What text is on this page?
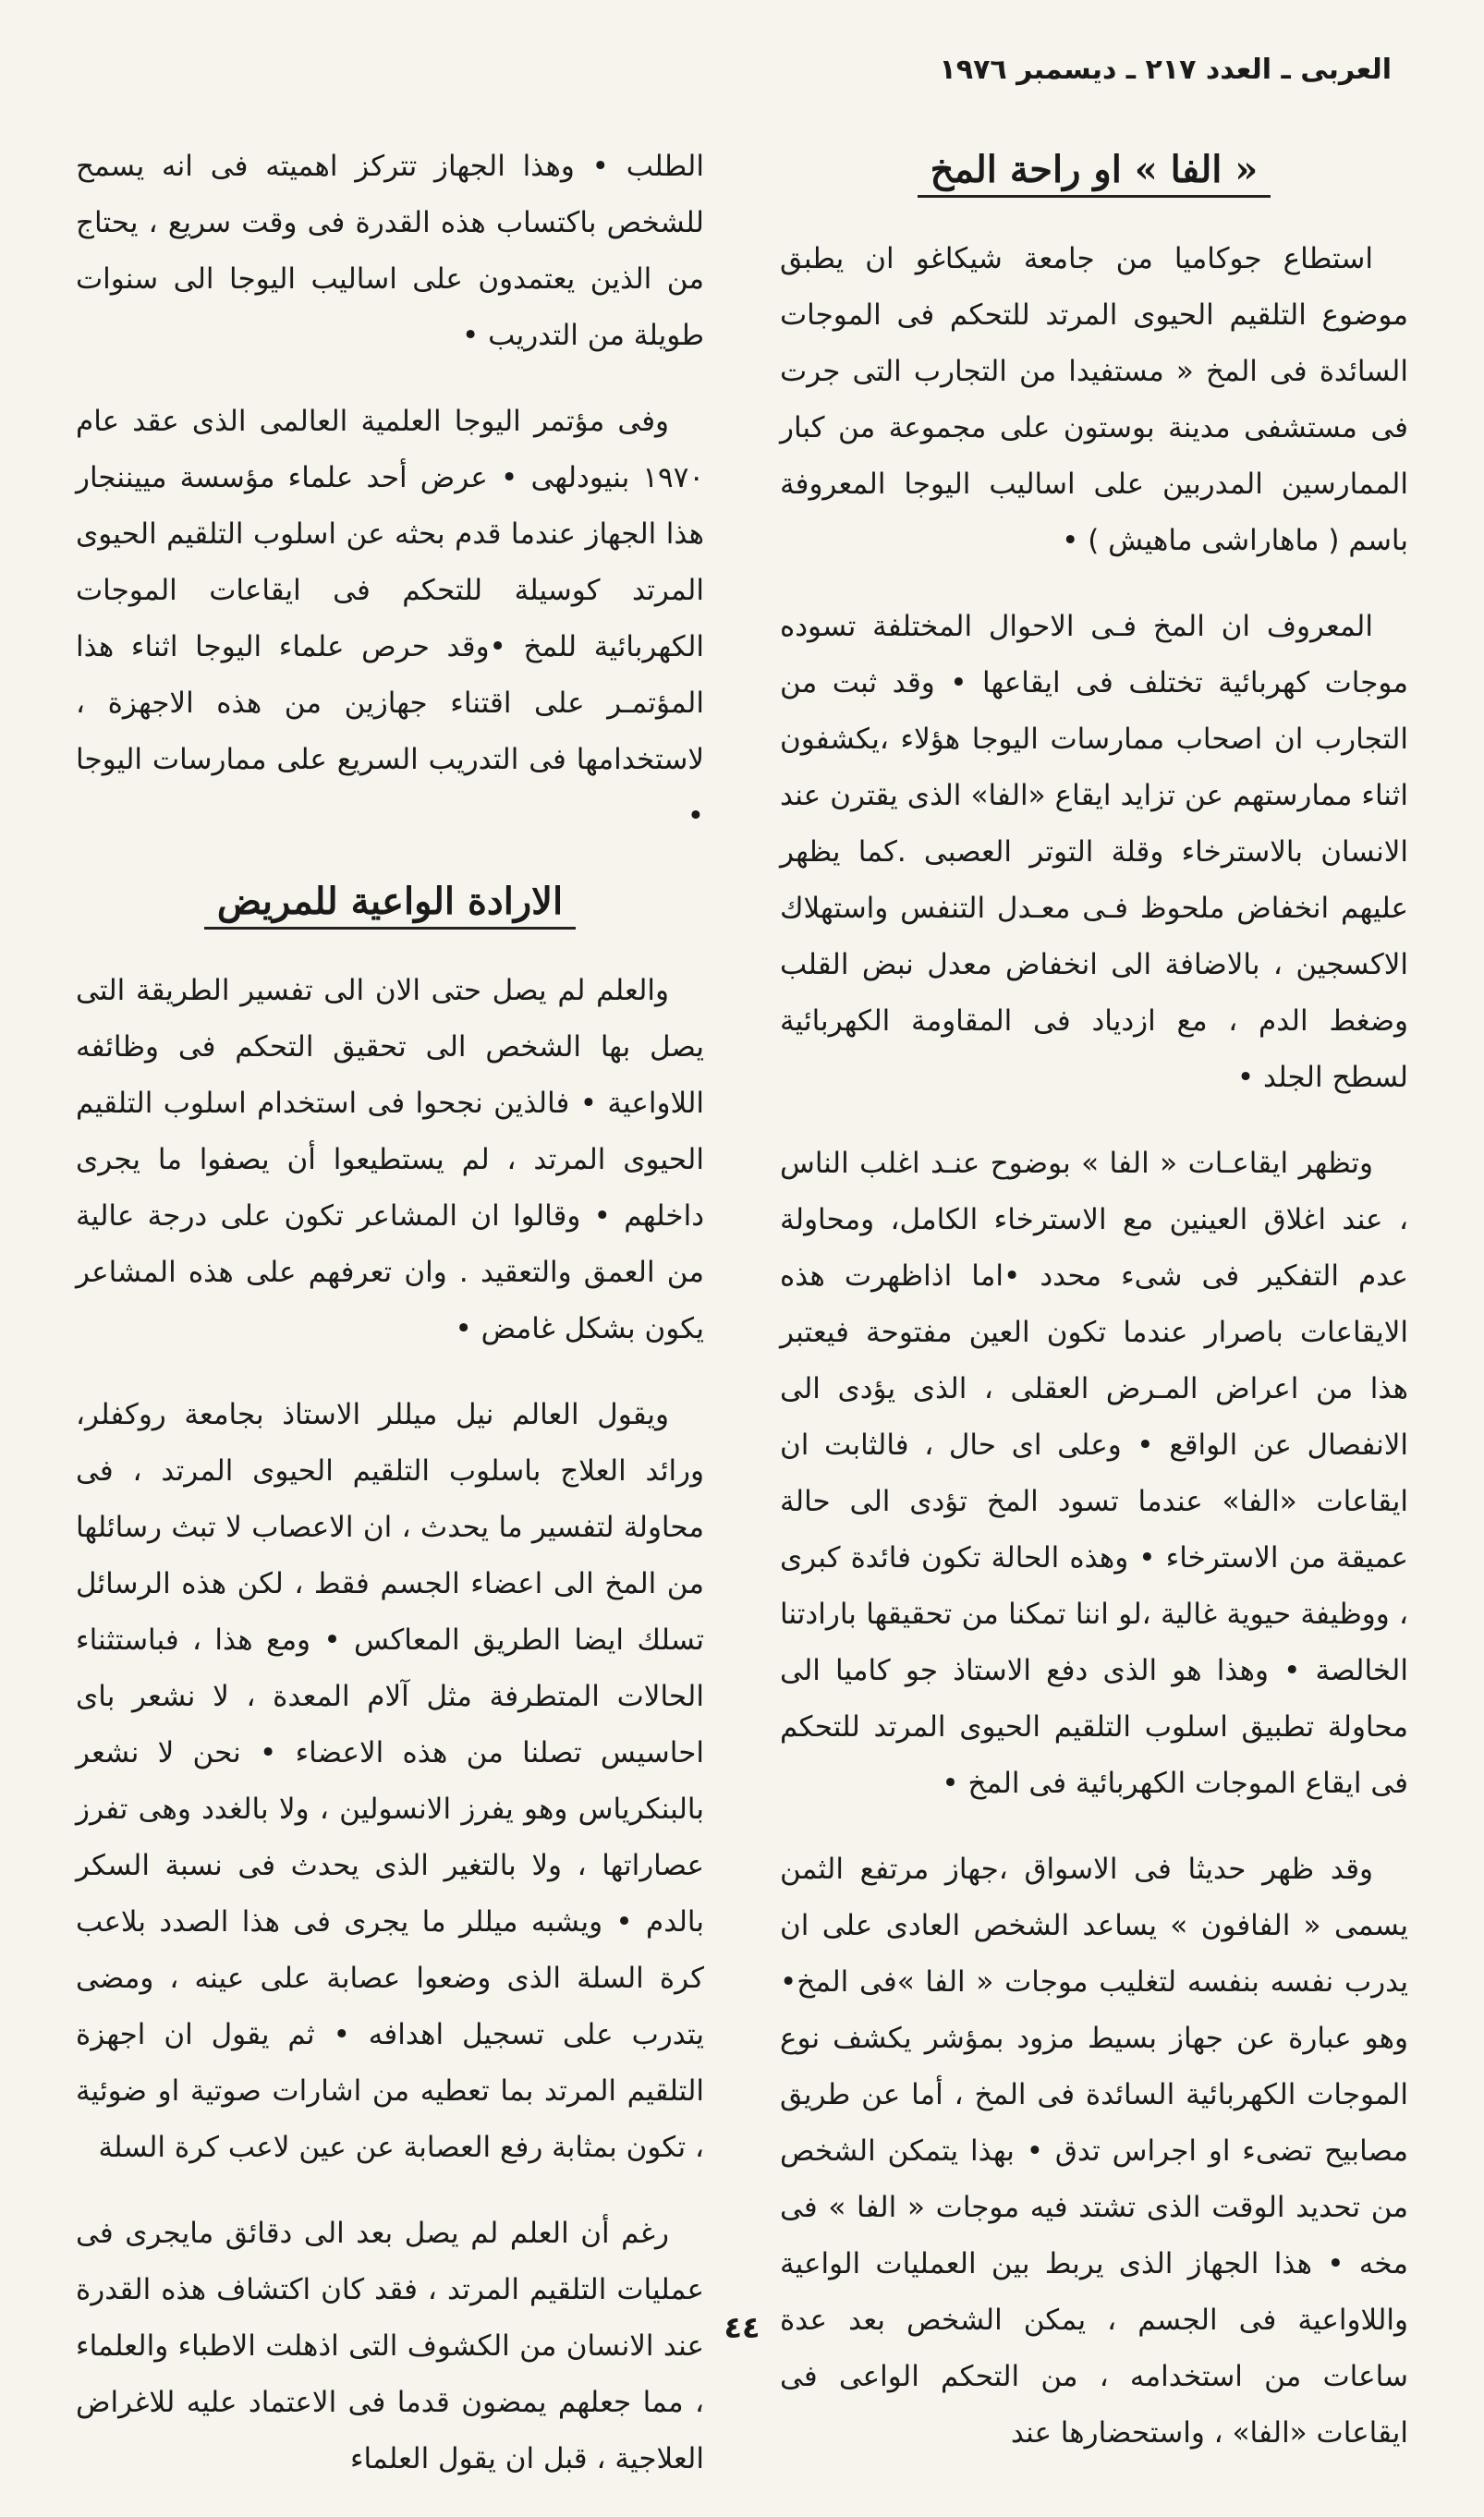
العربى ـ العدد ٢١٧ ـ ديسمبر ١٩٧٦
« الفا » او راحة المخ

استطاع جوكاميا من جامعة شيكاغو ان يطبق موضوع التلقيم الحيوى المرتد للتحكم فى الموجات السائدة فى المخ « مستفيدا من التجارب التى جرت فى مستشفى مدينة بوستون على مجموعة من كبار الممارسين المدربين على اساليب اليوجا المعروفة باسم ( ماهاراشى ماهيش ) •

المعروف ان المخ فـى الاحوال المختلفة تسوده موجات كهربائية تختلف فى ايقاعها • وقد ثبت من التجارب ان اصحاب ممارسات اليوجا هؤلاء ،يكشفون اثناء ممارستهم عن تزايد ايقاع «الفا» الذى يقترن عند الانسان بالاسترخاء وقلة التوتر العصبى .كما يظهر عليهم انخفاض ملحوظ فـى معـدل التنفس واستهلاك الاكسجين ، بالاضافة الى انخفاض معدل نبض القلب وضغط الدم ، مع ازدياد فى المقاومة الكهربائية لسطح الجلد •

وتظهر ايقاعـات « الفا » بوضوح عنـد اغلب الناس ، عند اغلاق العينين مع الاسترخاء الكامل، ومحاولة عدم التفكير فى شىء محدد •اما اذاظهرت هذه الايقاعات باصرار عندما تكون العين مفتوحة فيعتبر هذا من اعراض المـرض العقلى ، الذى يؤدى الى الانفصال عن الواقع • وعلى اى حال ، فالثابت ان ايقاعات «الفا» عندما تسود المخ تؤدى الى حالة عميقة من الاسترخاء • وهذه الحالة تكون فائدة كبرى ، ووظيفة حيوية غالية ،لو اننا تمكنا من تحقيقها بارادتنا الخالصة • وهذا هو الذى دفع الاستاذ جو كاميا الى محاولة تطبيق اسلوب التلقيم الحيوى المرتد للتحكم فى ايقاع الموجات الكهربائية فى المخ •

وقد ظهر حديثا فى الاسواق ،جهاز مرتفع الثمن يسمى « الفافون » يساعد الشخص العادى على ان يدرب نفسه بنفسه لتغليب موجات « الفا »فى المخ• وهو عبارة عن جهاز بسيط مزود بمؤشر يكشف نوع الموجات الكهربائية السائدة فى المخ ، أما عن طريق مصابيح تضىء او اجراس تدق • بهذا يتمكن الشخص من تحديد الوقت الذى تشتد فيه موجات « الفا » فى مخه • هذا الجهاز الذى يربط بين العمليات الواعية واللاواعية فى الجسم ، يمكن الشخص بعد عدة ساعات من استخدامه ، من التحكم الواعى فى ايقاعات «الفا» ، واستحضارها عند

الطلب • وهذا الجهاز تتركز اهميته فى انه يسمح للشخص باكتساب هذه القدرة فى وقت سريع ، يحتاج من الذين يعتمدون على اساليب اليوجا الى سنوات طويلة من التدريب •

وفى مؤتمر اليوجا العلمية العالمى الذى عقد عام ١٩٧٠ بنيودلهى • عرض أحد علماء مؤسسة مييننجار هذا الجهاز عندما قدم بحثه عن اسلوب التلقيم الحيوى المرتد كوسيلة للتحكم فى ايقاعات الموجات الكهربائية للمخ •وقد حرص علماء اليوجا اثناء هذا المؤتمـر على اقتناء جهازين من هذه الاجهزة ، لاستخدامها فى التدريب السريع على ممارسات اليوجا •

الارادة الواعية للمريض

والعلم لم يصل حتى الان الى تفسير الطريقة التى يصل بها الشخص الى تحقيق التحكم فى وظائفه اللاواعية • فالذين نجحوا فى استخدام اسلوب التلقيم الحيوى المرتد ، لم يستطيعوا أن يصفوا ما يجرى داخلهم • وقالوا ان المشاعر تكون على درجة عالية من العمق والتعقيد . وان تعرفهم على هذه المشاعر يكون بشكل غامض •

ويقول العالم نيل ميللر الاستاذ بجامعة روكفلر، ورائد العلاج باسلوب التلقيم الحيوى المرتد ، فى محاولة لتفسير ما يحدث ، ان الاعصاب لا تبث رسائلها من المخ الى اعضاء الجسم فقط ، لكن هذه الرسائل تسلك ايضا الطريق المعاكس • ومع هذا ، فباستثناء الحالات المتطرفة مثل آلام المعدة ، لا نشعر باى احاسيس تصلنا من هذه الاعضاء • نحن لا نشعر بالبنكرياس وهو يفرز الانسولين ، ولا بالغدد وهى تفرز عصاراتها ، ولا بالتغير الذى يحدث فى نسبة السكر بالدم • ويشبه ميللر ما يجرى فى هذا الصدد بلاعب كرة السلة الذى وضعوا عصابة على عينه ، ومضى يتدرب على تسجيل اهدافه • ثم يقول ان اجهزة التلقيم المرتد بما تعطيه من اشارات صوتية او ضوئية ، تكون بمثابة رفع العصابة عن عين لاعب كرة السلة

رغم أن العلم لم يصل بعد الى دقائق مايجرى فى عمليات التلقيم المرتد ، فقد كان اكتشاف هذه القدرة عند الانسان من الكشوف التى اذهلت الاطباء والعلماء ، مما جعلهم يمضون قدما فى الاعتماد عليه للاغراض العلاجية ، قبل ان يقول العلماء

٤٤
